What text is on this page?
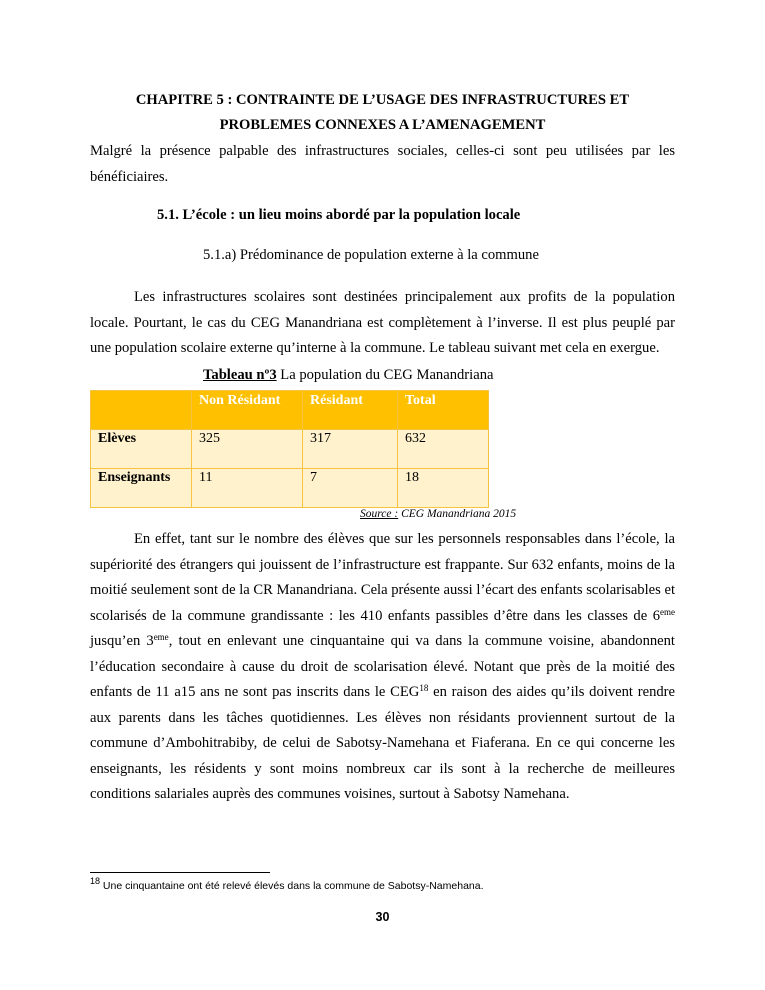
CHAPITRE 5 : CONTRAINTE DE L’USAGE DES INFRASTRUCTURES ET
PROBLEMES CONNEXES A L’AMENAGEMENT
Malgré la présence palpable des infrastructures sociales, celles-ci sont peu utilisées par les bénéficiaires.
5.1. L’école : un lieu moins abordé par la population locale
5.1.a) Prédominance de population externe à la commune
Les infrastructures scolaires sont destinées principalement aux profits de la population locale. Pourtant, le cas du CEG Manandriana est complètement à l’inverse. Il est plus peuplé par une population scolaire externe qu’interne à la commune. Le tableau suivant met cela en exergue.
Tableau nº3 La population du CEG Manandriana
	Non Résidant	Résidant	Total
Elèves	325	317	632
Enseignants	11	7	18
Source : CEG Manandriana 2015
En effet, tant sur le nombre des élèves que sur les personnels responsables dans l’école, la supériorité des étrangers qui jouissent de l’infrastructure est frappante. Sur 632 enfants, moins de la moitié seulement sont de la CR Manandriana. Cela présente aussi l’écart des enfants scolarisables et scolarisés de la commune grandissante : les 410 enfants passibles d’être dans les classes de 6eme jusqu’en 3eme, tout en enlevant une cinquantaine qui va dans la commune voisine, abandonnent l’éducation secondaire à cause du droit de scolarisation élevé. Notant que près de la moitié des enfants de 11 a15 ans ne sont pas inscrits dans le CEG$^{18}$ en raison des aides qu’ils doivent rendre aux parents dans les tâches quotidiennes. Les élèves non résidants proviennent surtout de la commune d’Ambohitrabiby, de celui de Sabotsy-Namehana et Fiaferana. En ce qui concerne les enseignants, les résidents y sont moins nombreux car ils sont à la recherche de meilleures conditions salariales auprès des communes voisines, surtout à Sabotsy Namehana.
$^{18}$ Une cinquantaine ont été relevé élevés dans la commune de Sabotsy-Namehana.
30
